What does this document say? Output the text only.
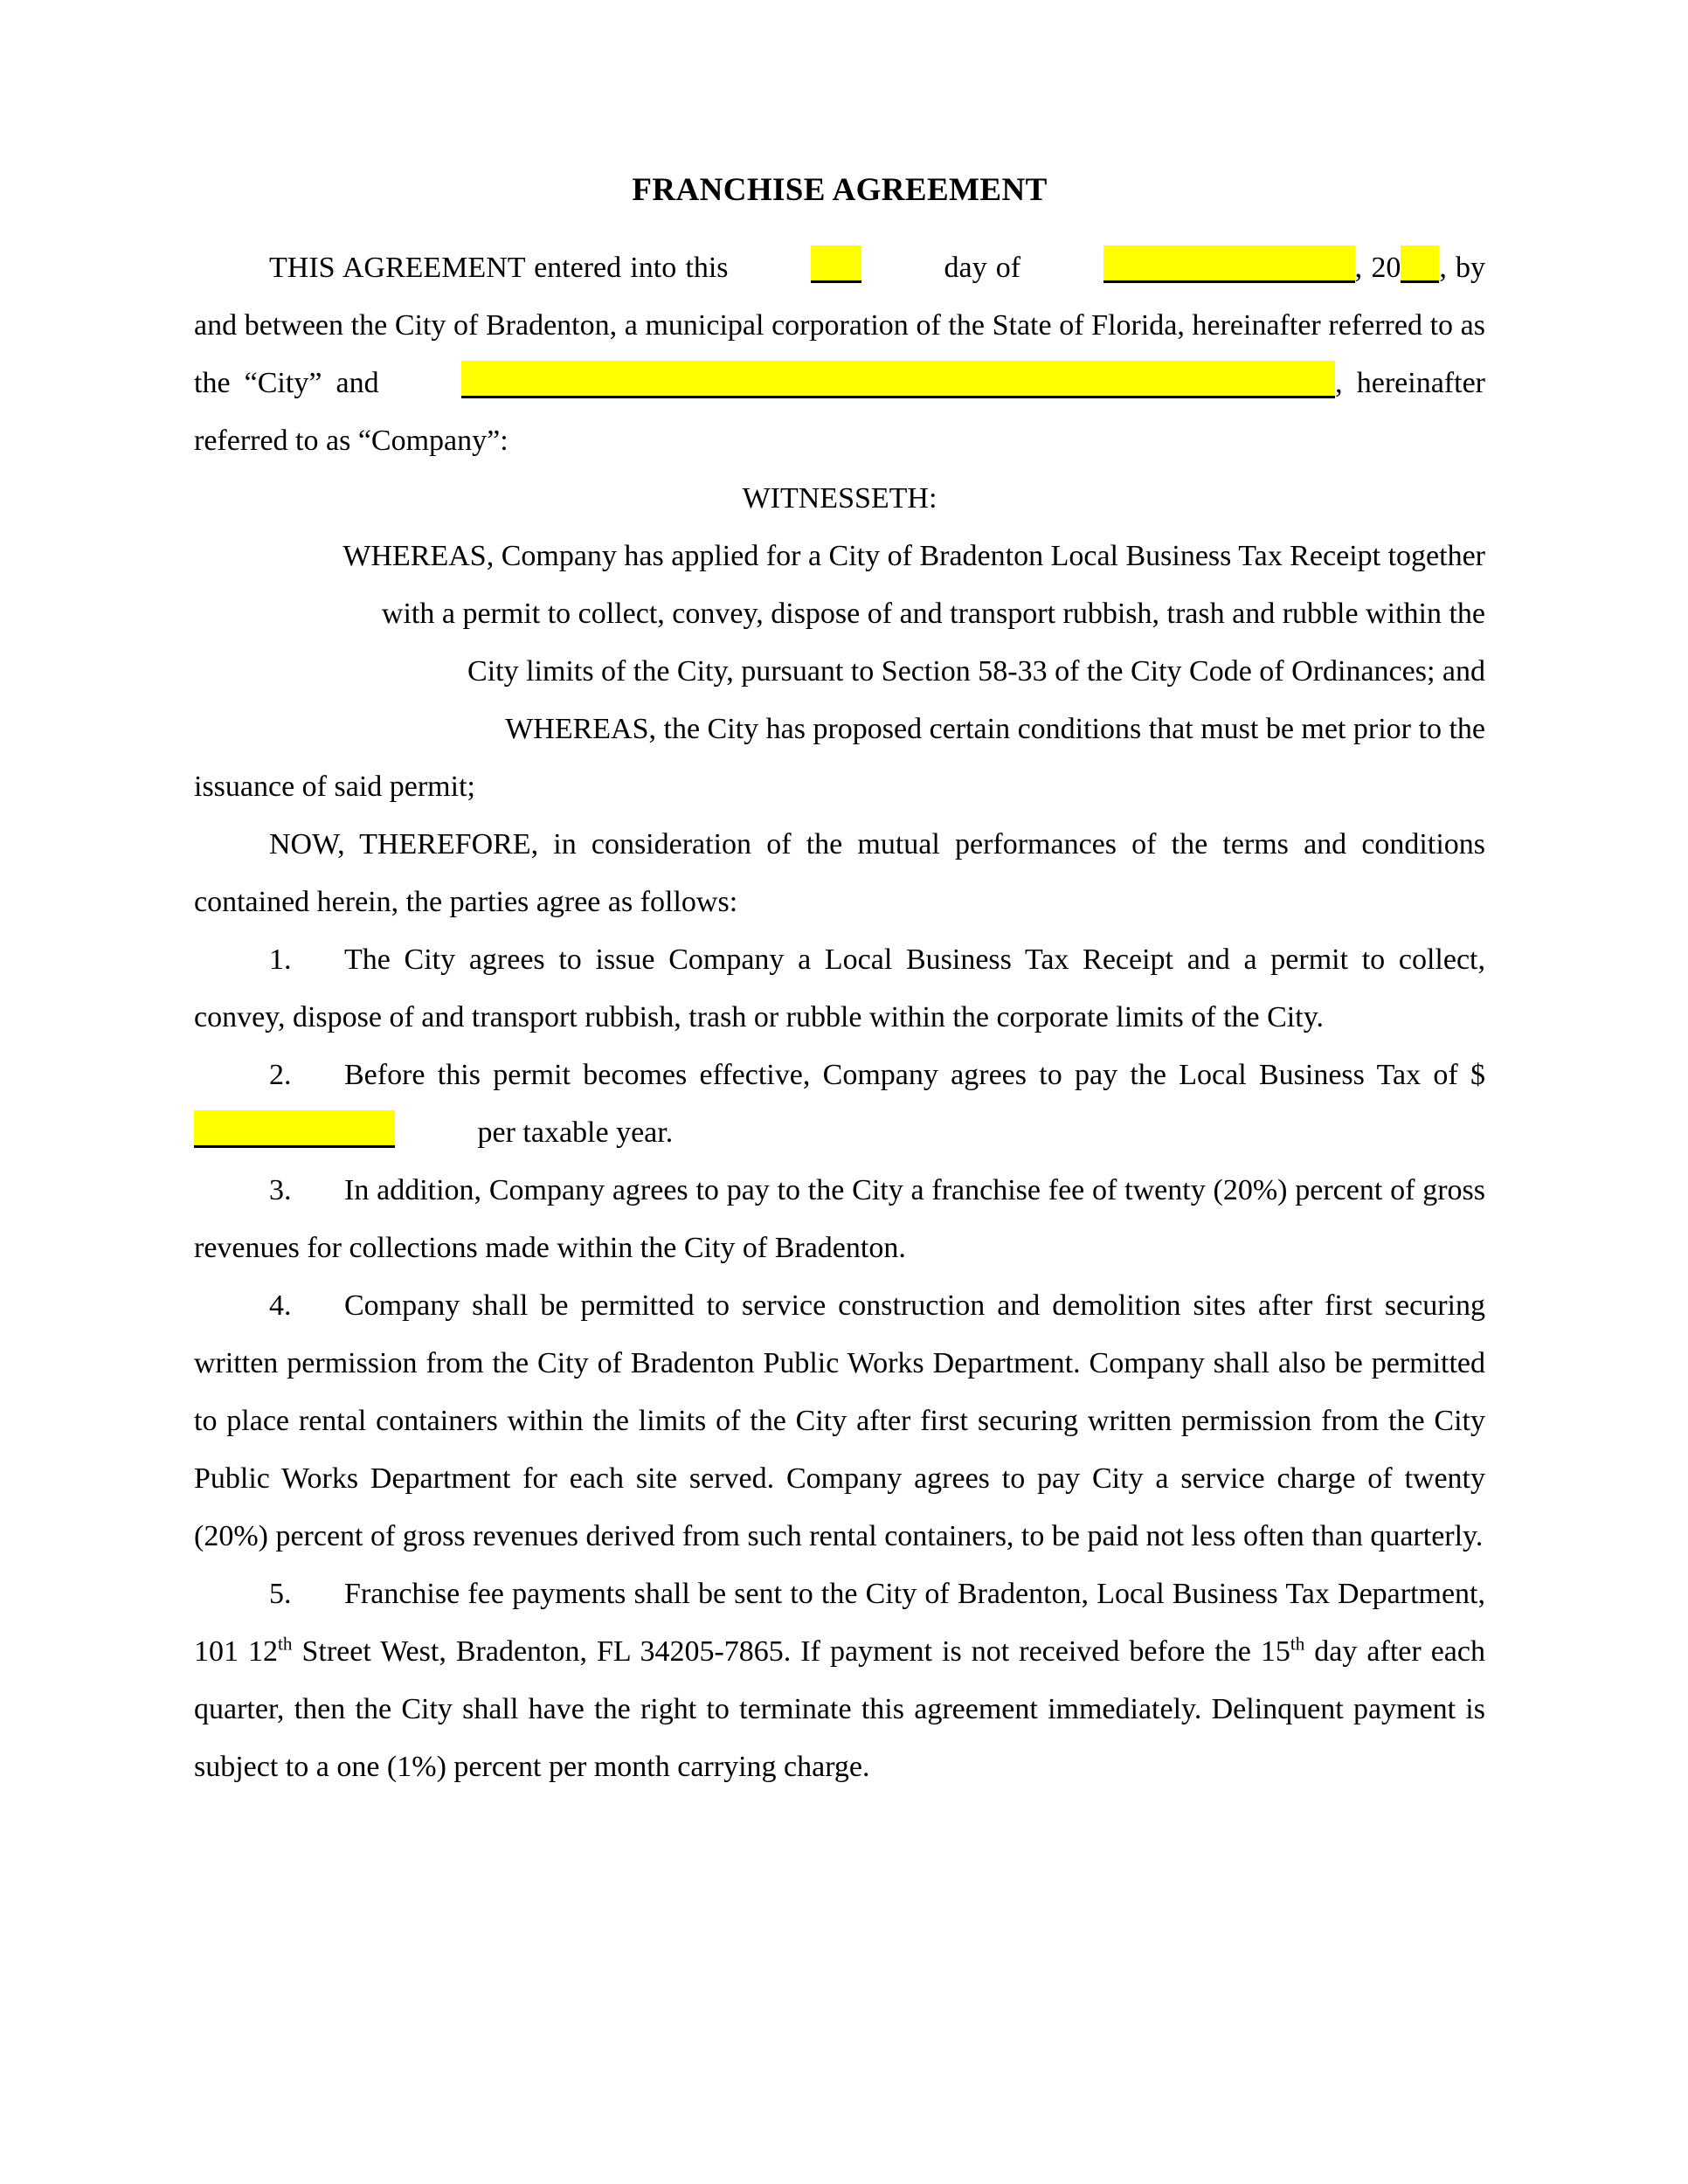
FRANCHISE AGREEMENT

THIS AGREEMENT entered into this	day of	, 20 , by and between the City of Bradenton, a municipal corporation of the State of Florida, hereinafter referred to as the “City” and	, hereinafter referred to as “Company”:

WITNESSETH:

WHEREAS, Company has applied for a City of Bradenton Local Business Tax Receipt together
with a permit to collect, convey, dispose of and transport rubbish, trash and rubble within the
City limits of the City, pursuant to Section 58-33 of the City Code of Ordinances; and
WHEREAS, the City has proposed certain conditions that must be met prior to the

issuance of said permit;

NOW, THEREFORE, in consideration of the mutual performances of the terms and conditions contained herein, the parties agree as follows:

1. The City agrees to issue Company a Local Business Tax Receipt and a permit to collect, convey, dispose of and transport rubbish, trash or rubble within the corporate limits of the City.

2. Before this permit becomes effective, Company agrees to pay the Local Business Tax of $ per taxable year.

3. In addition, Company agrees to pay to the City a franchise fee of twenty (20%) percent of gross revenues for collections made within the City of Bradenton.

4. Company shall be permitted to service construction and demolition sites after first securing written permission from the City of Bradenton Public Works Department. Company shall also be permitted to place rental containers within the limits of the City after first securing written permission from the City Public Works Department for each site served. Company agrees to pay City a service charge of twenty (20%) percent of gross revenues derived from such rental containers, to be paid not less often than quarterly.

5. Franchise fee payments shall be sent to the City of Bradenton, Local Business Tax Department, 101 12th Street West, Bradenton, FL 34205-7865. If payment is not received before the 15th day after each quarter, then the City shall have the right to terminate this agreement immediately. Delinquent payment is subject to a one (1%) percent per month carrying charge.
